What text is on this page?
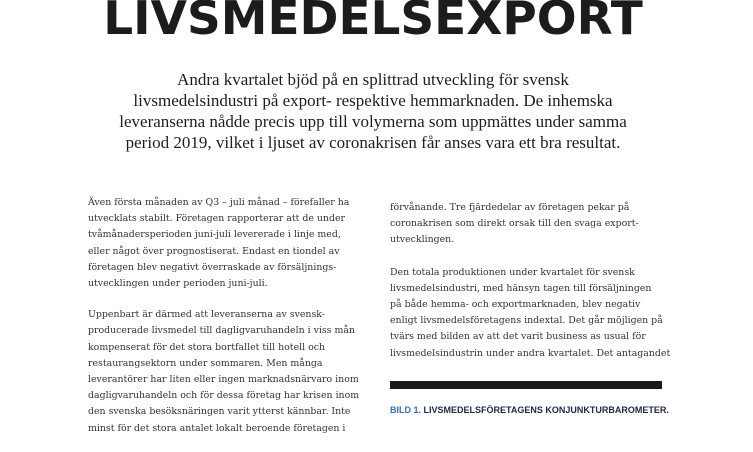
LIVSMEDELSEXPORT

Andra kvartalet bjöd på en splittrad utveckling för svensk
livsmedelsindustri på export- respektive hemmarknaden. De inhemska
leveranserna nådde precis upp till volymerna som uppmättes under samma
period 2019, vilket i ljuset av coronakrisen får anses vara ett bra resultat.

Även första månaden av Q3 – juli månad – förefaller ha
utvecklats stabilt. Företagen rapporterar att de under
tvåmånadersperioden juni-juli levererade i linje med,
eller något över prognostiserat. Endast en tiondel av
företagen blev negativt överraskade av försäljnings-
utvecklingen under perioden juni-juli.

Uppenbart är därmed att leveranserna av svensk-
producerade livsmedel till dagligvaruhandeln i viss mån
kompenserat för det stora bortfallet till hotell och
restaurangsektorn under sommaren. Men många
leverantörer har liten eller ingen marknadsnärvaro inom
dagligvaruhandeln och för dessa företag har krisen inom
den svenska besöksnäringen varit ytterst kännbar. Inte
minst för det stora antalet lokalt beroende företagen i

förvånande. Tre fjärdedelar av företagen pekar på
coronakrisen som direkt orsak till den svaga export-
utvecklingen.

Den totala produktionen under kvartalet för svensk
livsmedelsindustri, med hänsyn tagen till försäljningen
på både hemma- och exportmarknaden, blev negativ
enligt livsmedelsföretagens indextal. Det går möjligen på
tvärs med bilden av att det varit business as usual för
livsmedelsindustrin under andra kvartalet. Det antagandet

BILD 1. LIVSMEDELSFÖRETAGENS KONJUNKTURBAROMETER.
